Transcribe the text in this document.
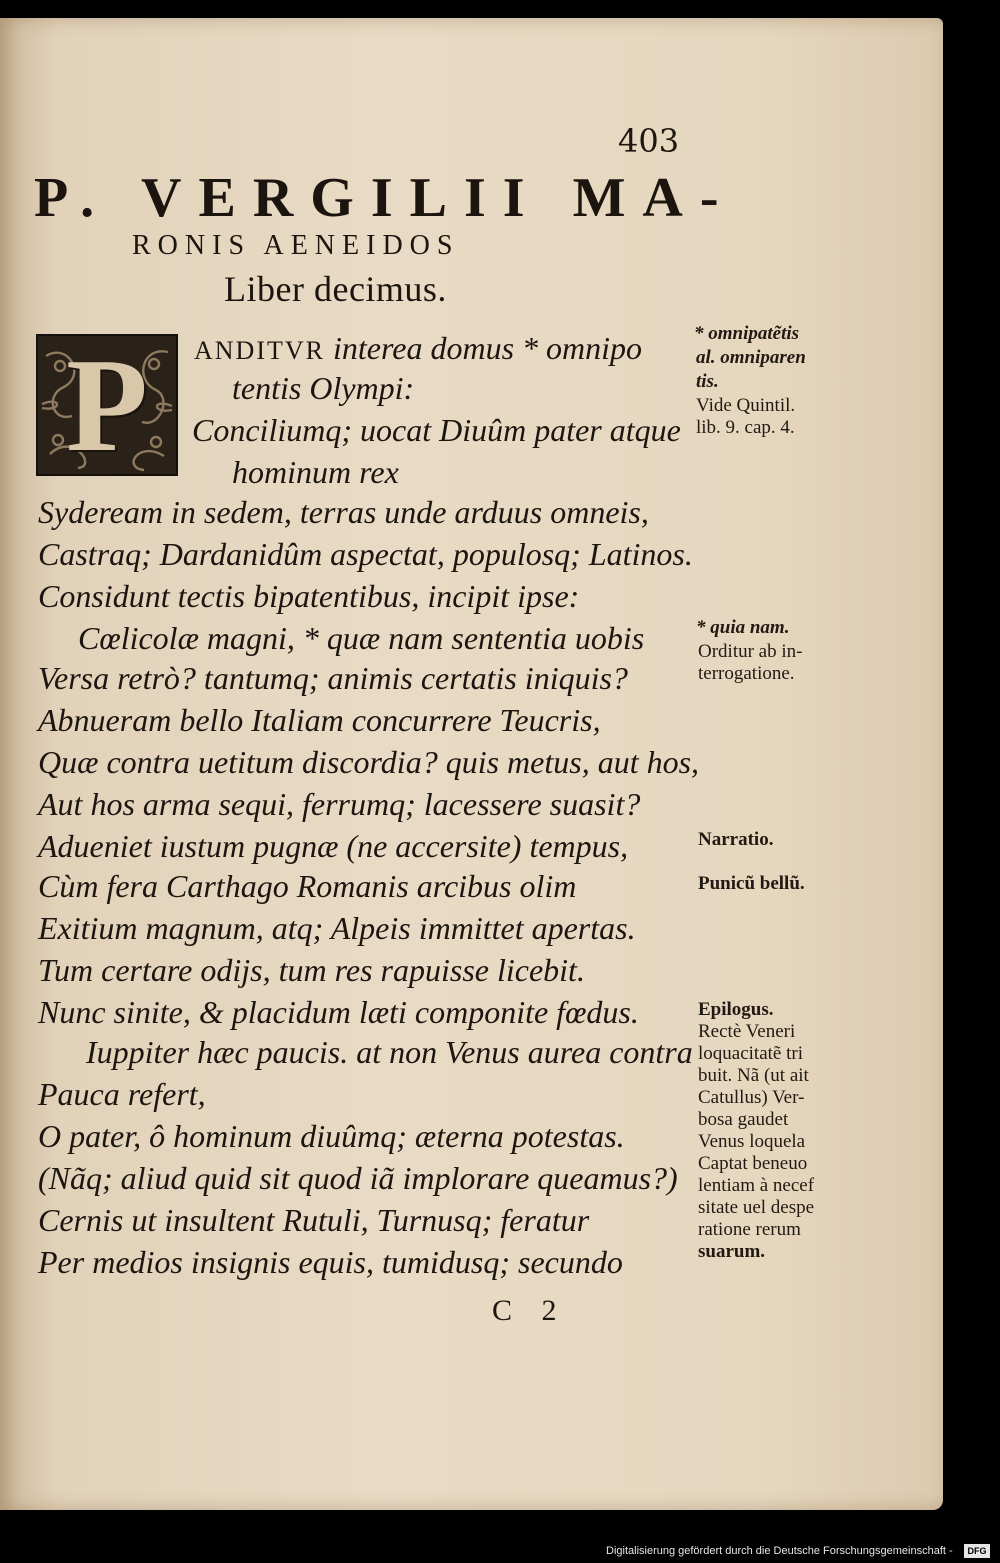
403
P. VERGILII MA-
RONIS AENEIDOS
Liber decimus.
P	ANDITVR interea domus * omnipo

tentis Olympi:

Conciliumq; uocat Diuûm pater atque

hominum rex

Sydeream in sedem, terras unde arduus omneis,

Castraq; Dardanidûm aspectat, populosq; Latinos.

Considunt tectis bipatentibus, incipit ipse:

Cœlicolæ magni, * quæ nam sententia uobis

Versa retrò? tantumq; animis certatis iniquis?

Abnueram bello Italiam concurrere Teucris,

Quæ contra uetitum discordia? quis metus, aut hos,

Aut hos arma sequi, ferrumq; lacessere suasit?

Adueniet iustum pugnæ (ne accersite) tempus,

Cùm fera Carthago Romanis arcibus olim

Exitium magnum, atq; Alpeis immittet apertas.

Tum certare odijs, tum res rapuisse licebit.

Nunc sinite, & placidum læti componite fœdus.

Iuppiter hæc paucis. at non Venus aurea contra

Pauca refert,

O pater, ô hominum diuûmq; æterna potestas.

(Nãq; aliud quid sit quod iã implorare queamus?)

Cernis ut insultent Rutuli, Turnusq; feratur

Per medios insignis equis, tumidusq; secundo

* omnipatẽtis

al. omniparen

tis.

Vide Quintil.

lib. 9. cap. 4.

* quia nam.

Orditur ab in-

terrogatione.

Narratio.

Punicũ bellũ.

Epilogus.

Rectè Veneri

loquacitatẽ tri

buit. Nã (ut ait

Catullus) Ver-

bosa gaudet

Venus loquela

Captat beneuo

lentiam à necef

sitate uel despe

ratione rerum

suarum.

C 2

Digitalisierung gefördert durch die Deutsche Forschungsgemeinschaft -	DFG
